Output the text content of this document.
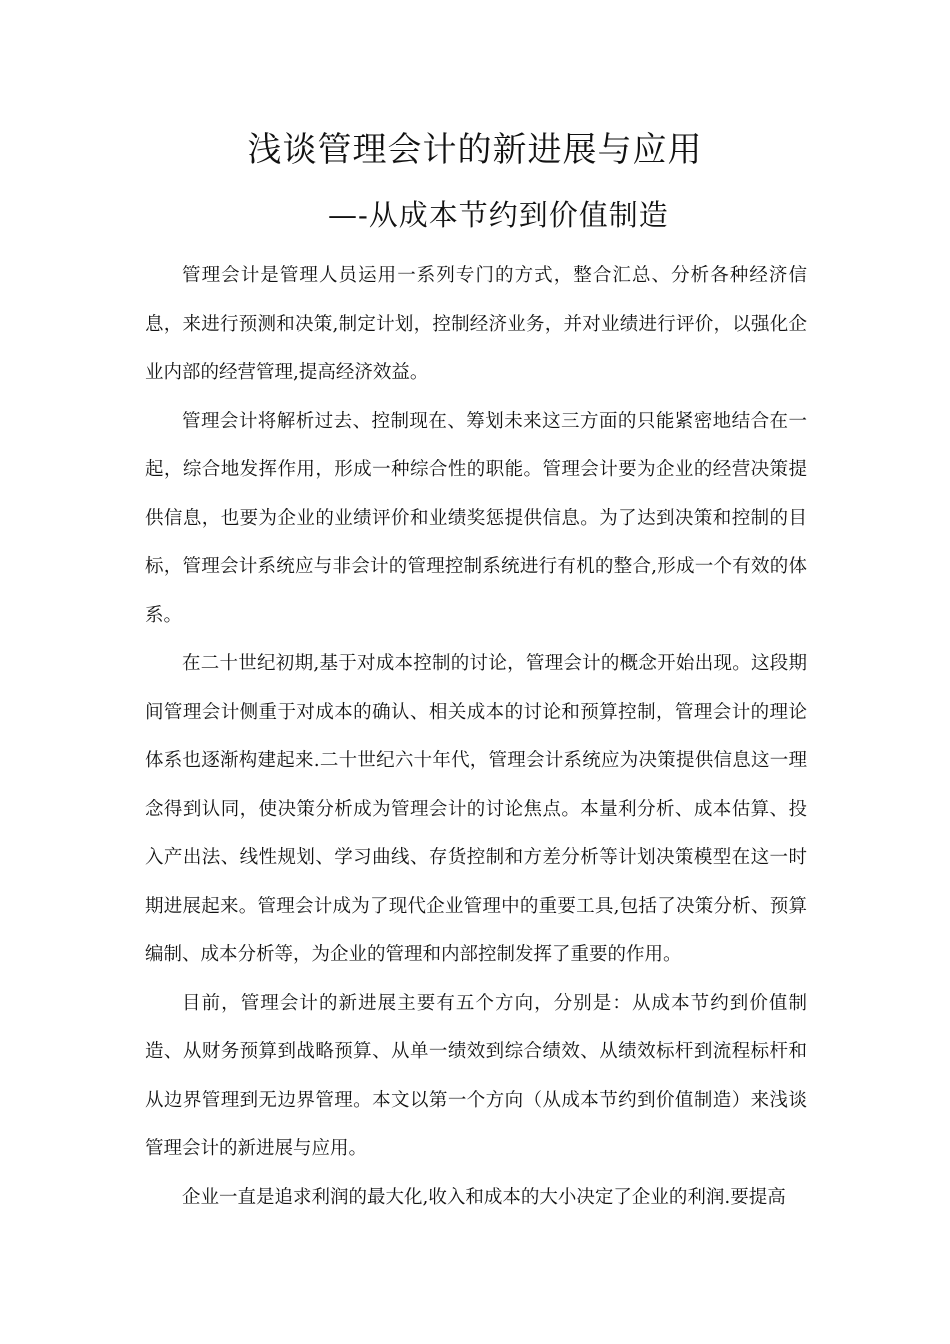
浅谈管理会计的新进展与应用
—-从成本节约到价值制造

管理会计是管理人员运用一系列专门的方式，整合汇总、分析各种经济信息，来进行预测和决策,制定计划，控制经济业务，并对业绩进行评价，以强化企业内部的经营管理,提高经济效益。

管理会计将解析过去、控制现在、筹划未来这三方面的只能紧密地结合在一起，综合地发挥作用，形成一种综合性的职能。管理会计要为企业的经营决策提供信息，也要为企业的业绩评价和业绩奖惩提供信息。为了达到决策和控制的目标，管理会计系统应与非会计的管理控制系统进行有机的整合,形成一个有效的体系。

在二十世纪初期,基于对成本控制的讨论，管理会计的概念开始出现。这段期间管理会计侧重于对成本的确认、相关成本的讨论和预算控制，管理会计的理论体系也逐渐构建起来.二十世纪六十年代，管理会计系统应为决策提供信息这一理念得到认同，使决策分析成为管理会计的讨论焦点。本量利分析、成本估算、投入产出法、线性规划、学习曲线、存货控制和方差分析等计划决策模型在这一时期进展起来。管理会计成为了现代企业管理中的重要工具,包括了决策分析、预算编制、成本分析等，为企业的管理和内部控制发挥了重要的作用。

目前，管理会计的新进展主要有五个方向，分别是：从成本节约到价值制造、从财务预算到战略预算、从单一绩效到综合绩效、从绩效标杆到流程标杆和从边界管理到无边界管理。本文以第一个方向（从成本节约到价值制造）来浅谈管理会计的新进展与应用。

企业一直是追求利润的最大化,收入和成本的大小决定了企业的利润.要提高
